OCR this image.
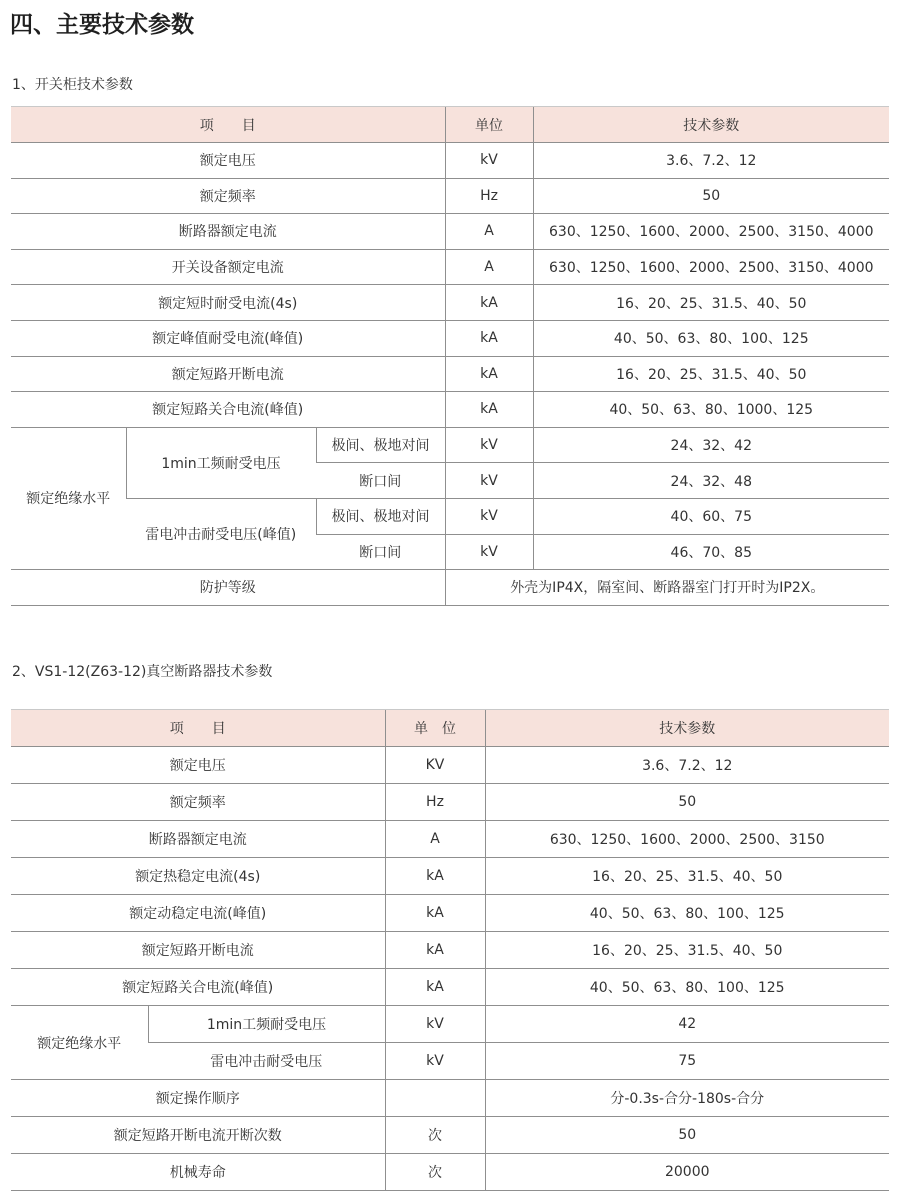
四、主要技术参数
1、开关柜技术参数
项　　目			单位	技术参数
额定电压			kV	3.6、7.2、12
额定频率			Hz	50
断路器额定电流			A	630、1250、1600、2000、2500、3150、4000
开关设备额定电流			A	630、1250、1600、2000、2500、3150、4000
额定短时耐受电流(4s)			kA	16、20、25、31.5、40、50
额定峰值耐受电流(峰值)			kA	40、50、63、80、100、125
额定短路开断电流			kA	16、20、25、31.5、40、50
额定短路关合电流(峰值)			kA	40、50、63、80、1000、125
额定绝缘水平	1min工频耐受电压	极间、极地对间	kV	24、32、42
		断口间	kV	24、32、48
	雷电冲击耐受电压(峰值)	极间、极地对间	kV	40、60、75
		断口间	kV	46、70、85
防护等级			外壳为IP4X，隔室间、断路器室门打开时为IP2X。	
2、VS1-12(Z63-12)真空断路器技术参数
项　　目		单　位	技术参数
额定电压		KV	3.6、7.2、12
额定频率		Hz	50
断路器额定电流		A	630、1250、1600、2000、2500、3150
额定热稳定电流(4s)		kA	16、20、25、31.5、40、50
额定动稳定电流(峰值)		kA	40、50、63、80、100、125
额定短路开断电流		kA	16、20、25、31.5、40、50
额定短路关合电流(峰值)		kA	40、50、63、80、100、125
额定绝缘水平	1min工频耐受电压	kV	42
	雷电冲击耐受电压	kV	75
额定操作顺序			分-0.3s-合分-180s-合分
额定短路开断电流开断次数		次	50
机械寿命		次	20000
